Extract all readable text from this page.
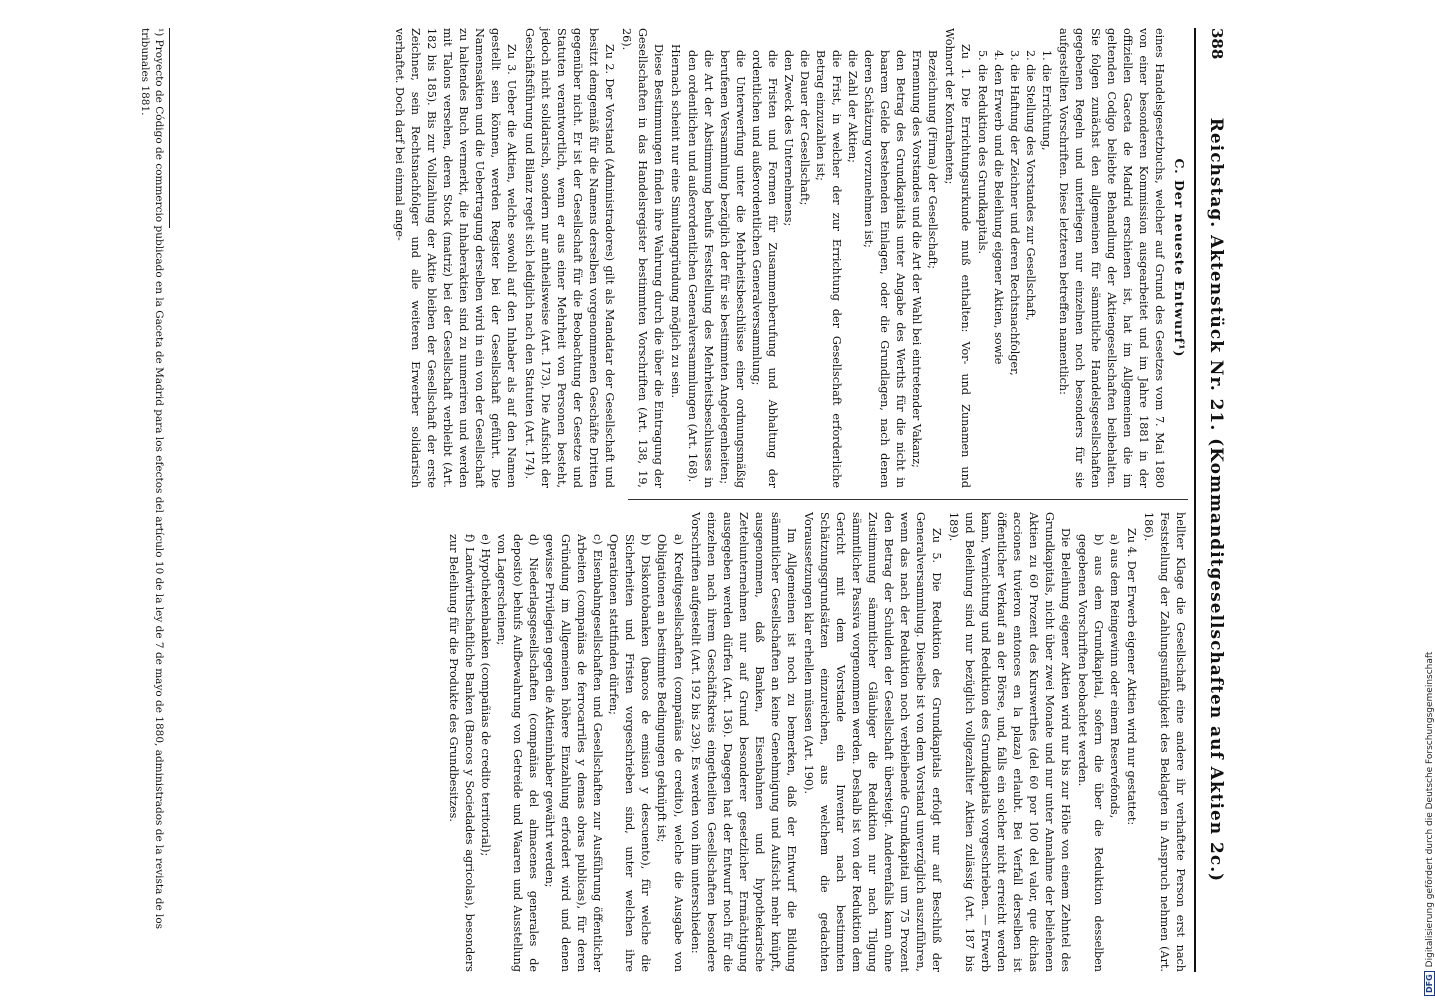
388
Reichstag. Aktenstück Nr. 21. (Kommanditgesellschaften auf Aktien 2c.)
C. Der neueste Entwurf¹)

eines Handelsgesetzbuchs, welcher auf Grund des Gesetzes vom 7. Mai 1880 von einer besonderen Kommission ausgearbeitet und im Jahre 1881 in der offiziellen Gaceta de Madrid erschienen ist, hat im Allgemeinen die im geltenden Codigo beliebte Behandlung der Aktiengesellschaften beibehalten. Sie folgen zunächst den allgemeinen für sämmtliche Handelsgesellschaften gegebenen Regeln und unterliegen nur einzelnen noch besonders für sie aufgestellten Vorschriften. Diese letzteren betreffen namentlich:

1. die Errichtung,
2. die Stellung des Vorstandes zur Gesellschaft,
3. die Haftung der Zeichner und deren Rechtsnachfolger,
4. den Erwerb und die Beleihung eigener Aktien, sowie
5. die Reduktion des Grundkapitals.

Zu 1. Die Errichtungsurkunde muß enthalten: Vor- und Zunamen und Wohnort der Kontrahenten;

Bezeichnung (Firma) der Gesellschaft;
Ernennung des Vorstandes und die Art der Wahl bei eintretender Vakanz;
den Betrag des Grundkapitals unter Angabe des Werths für die nicht in baarem Gelde bestehenden Einlagen, oder die Grundlagen, nach denen deren Schätzung vorzunehmen ist;
die Zahl der Aktien;
die Frist, in welcher der zur Errichtung der Gesellschaft erforderliche Betrag einzuzahlen ist;
die Dauer der Gesellschaft;
den Zweck des Unternehmens;
die Fristen und Formen für Zusammenberufung und Abhaltung der ordentlichen und außerordentlichen Generalversammlung;
die Unterwerfung unter die Mehrheitsbeschlüsse einer ordnungsmäßig berufenen Versammlung bezüglich der für sie bestimmten Angelegenheiten;
die Art der Abstimmung behufs Feststellung des Mehrheitsbeschlusses in den ordentlichen und außerordentlichen Generalversammlungen (Art. 168).

Hiernach scheint nur eine Simultangründung möglich zu sein.

Diese Bestimmungen finden ihre Wahrung durch die über die Eintragung der Gesellschaften in das Handelsregister bestimmten Vorschriften (Art. 138, 19, 26).

Zu 2. Der Vorstand (Administradores) gilt als Mandatar der Gesellschaft und besitzt demgemäß für die Namens derselben vorgenommenen Geschäfte Dritten gegenüber nicht. Er ist der Gesellschaft für die Beobachtung der Gesetze und Statuten verantwortlich, wenn er aus einer Mehrheit von Personen besteht, jedoch nicht solidarisch, sondern nur antheilsweise (Art. 173). Die Aufsicht der Geschäftsführung und Bilanz regelt sich lediglich nach den Statuten (Art. 174).

Zu 3. Ueber die Aktien, welche sowohl auf den Inhaber als auf den Namen gestellt sein können, werden Register bei der Gesellschaft geführt. Die Namensaktien und die Uebertragung derselben wird in ein von der Gesellschaft zu haltendes Buch vermerkt, die Inhaberaktien sind zu numeriren und werden mit Talons versehen, deren Stock (matriz) bei der Gesellschaft verbleibt (Art. 182 bis 185). Bis zur Vollzahlung der Aktie bleiben der Gesellschaft der erste Zeichner, sein Rechtsnachfolger und alle weiteren Erwerber solidarisch verhaftet. Doch darf bei einmal ange-

hellter Klage die Gesellschaft eine andere ihr verhaftete Person erst nach Feststellung der Zahlungsunfähigkeit des Beklagten in Anspruch nehmen (Art. 186).

Zu 4. Der Erwerb eigener Aktien wird nur gestattet:

a) aus dem Reingewinn oder einem Reservefonds,
b) aus dem Grundkapital, sofern die über die Reduktion desselben gegebenen Vorschriften beobachtet werden.

Die Beleihung eigener Aktien wird nur bis zur Höhe von einem Zehntel des Grundkapitals, nicht über zwei Monate und nur unter Annahme der beliehenen Aktien zu 60 Prozent des Kurswerthes (del 60 por 100 del valor, que dichas acciones tuvieron entonces en la plaza) erlaubt. Bei Verfall derselben ist öffentlicher Verkauf an der Börse, und, falls ein solcher nicht erreicht werden kann, Vernichtung und Reduktion des Grundkapitals vorgeschrieben. — Erwerb und Beleihung sind nur bezüglich vollgezahlter Aktien zulässig (Art. 187 bis 189).

Zu 5. Die Reduktion des Grundkapitals erfolgt nur auf Beschluß der Generalversammlung. Dieselbe ist von dem Vorstand unverzüglich auszuführen, wenn das nach der Reduktion noch verbleibende Grundkapital um 75 Prozent den Betrag der Schulden der Gesellschaft übersteigt. Anderenfalls kann ohne Zustimmung sämmtlicher Gläubiger die Reduktion nur nach Tilgung sämmtlicher Passiva vorgenommen werden. Deshalb ist von der Reduktion dem Gericht mit dem Vorstande ein Inventar nach bestimmten Schätzungsgrundsätzen einzureichen, aus welchem die gedachten Voraussetzungen klar erhellen müssen (Art. 190).

Im Allgemeinen ist noch zu bemerken, daß der Entwurf die Bildung sämmtlicher Gesellschaften an keine Genehmigung und Aufsicht mehr knüpft, ausgenommen, daß Banken, Eisenbahnen und hypothekarische Zettelunternehmen nur auf Grund besonderer gesetzlicher Ermächtigung ausgegeben werden dürfen (Art. 136). Dagegen hat der Entwurf noch für die einzelnen nach ihrem Geschäftskreis eingetheilten Gesellschaften besondere Vorschriften aufgestellt (Art. 192 bis 239). Es werden von ihm unterschieden:

a) Kreditgesellschaften (compañias de credito), welche die Ausgabe von Obligationen an bestimmte Bedingungen geknüpft ist;
b) Diskontobanken (bancos de emision y descuento), für welche die Sicherheiten und Fristen vorgeschrieben sind, unter welchen ihre Operationen stattfinden dürfen;
c) Eisenbahngesellschaften und Gesellschaften zur Ausführung öffentlicher Arbeiten (compañias de ferrocarriles y demas obras publicas), für deren Gründung im Allgemeinen höhere Einzahlung erfordert wird und denen gewisse Privilegien gegen die Aktieninhaber gewährt werden;
d) Niederlagsgesellschaften (compañias del almacenes generales de deposito) behufs Aufbewahrung von Getreide und Waaren und Ausstellung von Lagerscheinen;
e) Hypothekenbanken (compañias de credito territorial);
f) Landwirthschaftliche Banken (Bancos y Sociedades agricolas), besonders zur Beleihung für die Produkte des Grundbesitzes.
¹) Proyecto de Código de commercio publicado en la Gaceta de Madrid para los efectos del artículo 10 de la ley de 7 de mayo de 1880, administrados de la revista de los tribunales 1881.
DFGDigitalisierung gefördert durch die Deutsche Forschungsgemeinschaft
